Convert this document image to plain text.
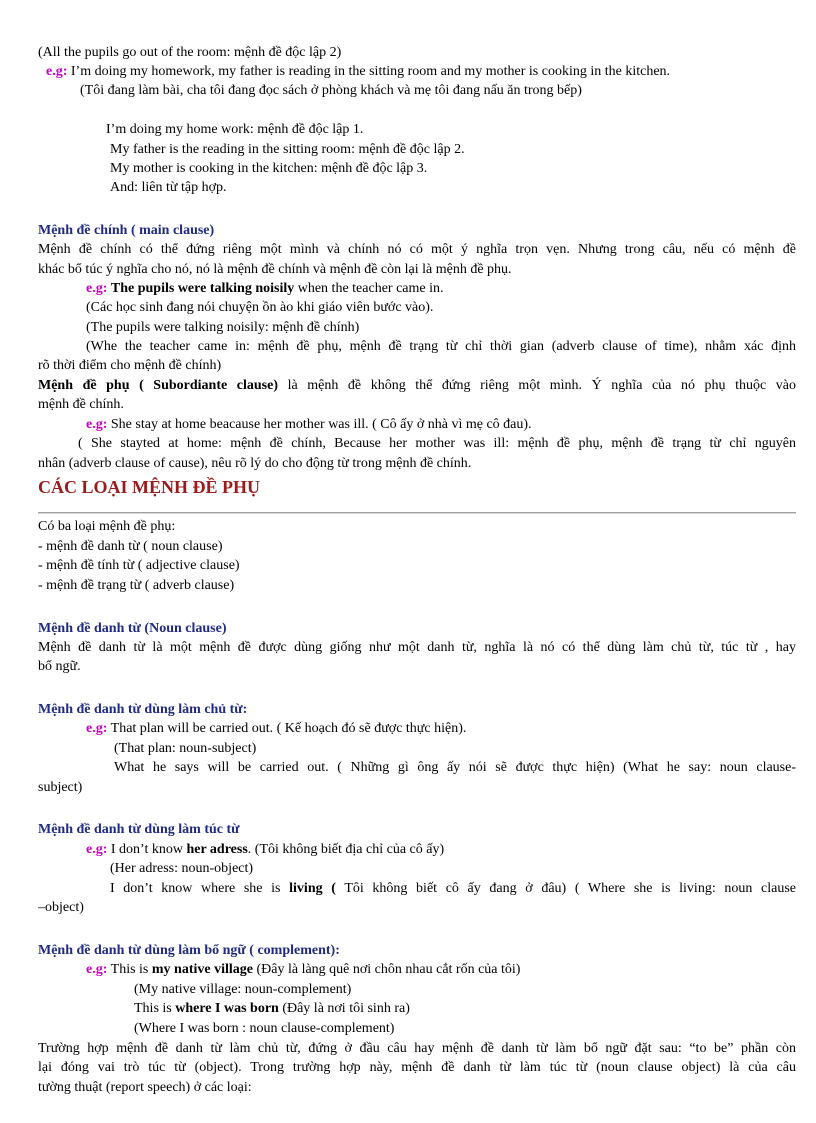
(All the pupils go out of the room: mệnh đề độc lập 2)
e.g: I’m doing my homework, my father is reading in the sitting room and my mother is cooking in the kitchen.
(Tôi đang làm bài, cha tôi đang đọc sách ở phòng khách và mẹ tôi đang nấu ăn trong bếp)
I’m doing my home work: mệnh đề độc lập 1.
My father is the reading in the sitting room: mệnh đề độc lập 2.
My mother is cooking in the kitchen: mệnh đề độc lập 3.
And: liên từ tập hợp.
Mệnh đề chính ( main clause)
Mệnh đề chính có thể đứng riêng một mình và chính nó có một ý nghĩa trọn vẹn. Nhưng trong câu, nếu có mệnh đề
khác bổ túc ý nghĩa cho nó, nó là mệnh đề chính và mệnh đề còn lại là mệnh đề phụ.
e.g: The pupils were talking noisily when the teacher came in.
(Các học sinh đang nói chuyện ồn ào khi giáo viên bước vào).
(The pupils were talking noisily: mệnh đề chính)
(Whe the teacher came in: mệnh đề phụ, mệnh đề trạng từ chỉ thời gian (adverb clause of time), nhằm xác định
rõ thời điểm cho mệnh đề chính)
Mệnh đề phụ ( Subordiante clause) là mệnh đề không thể đứng riêng một mình. Ý nghĩa của nó phụ thuộc vào
mệnh đề chính.
e.g: She stay at home beacause her mother was ill. ( Cô ấy ở nhà vì mẹ cô đau).
( She stayted at home: mệnh đề chính, Because her mother was ill: mệnh đề phụ, mệnh đề trạng từ chỉ nguyên
nhân (adverb clause of cause), nêu rõ lý do cho động từ trong mệnh đề chính.
CÁC LOẠI MỆNH ĐỀ PHỤ
Có ba loại mệnh đề phụ:
- mệnh đề danh từ ( noun clause)
- mệnh đề tính từ ( adjective clause)
- mệnh đề trạng từ ( adverb clause)
Mệnh đề danh từ (Noun clause)
Mệnh đề danh từ là một mệnh đề được dùng giống như một danh từ, nghĩa là nó có thể dùng làm chủ từ, túc từ , hay
bổ ngữ.
Mệnh đề danh từ dùng làm chủ từ:
e.g: That plan will be carried out. ( Kế hoạch đó sẽ được thực hiện).
(That plan: noun-subject)
What he says will be carried out. ( Những gì ông ấy nói sẽ được thực hiện) (What he say: noun clause-
subject)
Mệnh đề danh từ dùng làm túc từ
e.g: I don’t know her adress. (Tôi không biết địa chỉ của cô ấy)
(Her adress: noun-object)
I don’t know where she is living ( Tôi không biết cô ấy đang ở đâu) ( Where she is living: noun clause
–object)
Mệnh đề danh từ dùng làm bổ ngữ ( complement):
e.g: This is my native village (Đây là làng quê nơi chôn nhau cắt rốn của tôi)
(My native village: noun-complement)
This is where I was born (Đây là nơi tôi sinh ra)
(Where I was born : noun clause-complement)
Trường hợp mệnh đề danh từ làm chủ từ, đứng ở đầu câu hay mệnh đề danh từ làm bổ ngữ đặt sau: “to be” phần còn
lại đóng vai trò túc từ (object). Trong trường hợp này, mệnh đề danh từ làm túc từ (noun clause object) là của câu
tường thuật (report speech) ở các loại:
